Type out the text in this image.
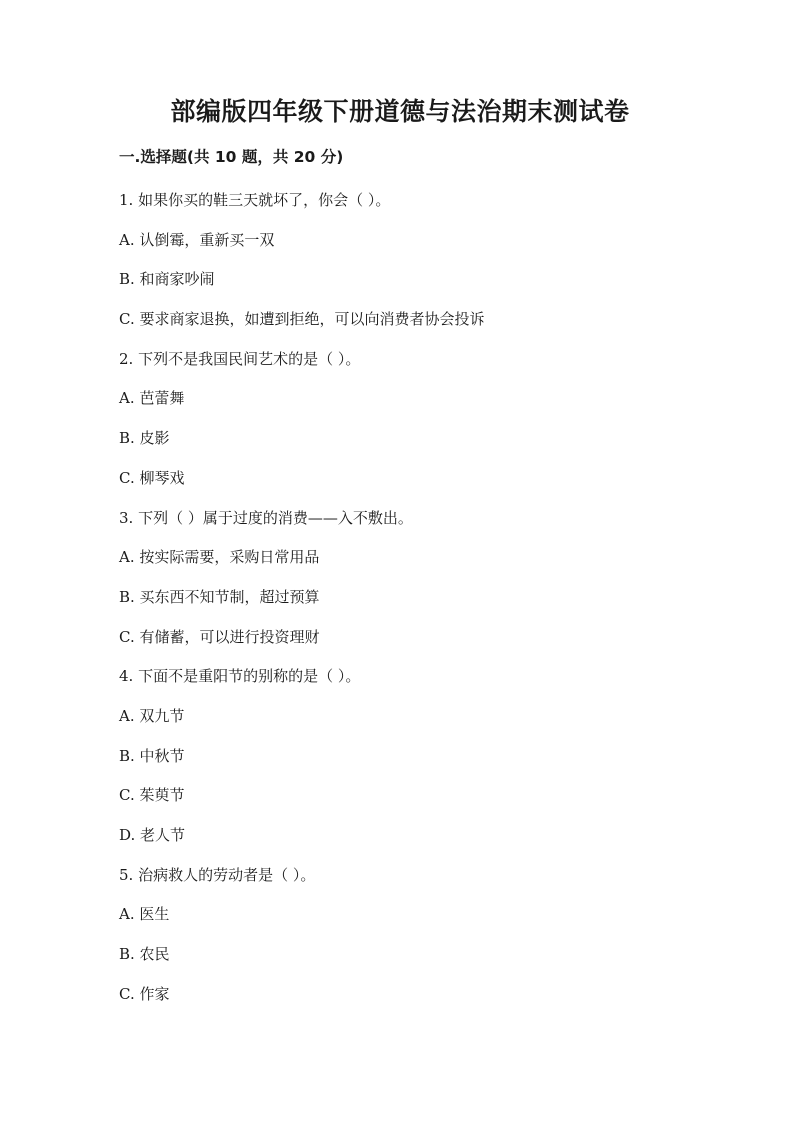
部编版四年级下册道德与法治期末测试卷
一.选择题(共 10 题，共 20 分)
1. 如果你买的鞋三天就坏了，你会（ ）。
A. 认倒霉，重新买一双
B. 和商家吵闹
C. 要求商家退换，如遭到拒绝，可以向消费者协会投诉
2. 下列不是我国民间艺术的是（ ）。
A. 芭蕾舞
B. 皮影
C. 柳琴戏
3. 下列（ ）属于过度的消费——入不敷出。
A. 按实际需要，采购日常用品
B. 买东西不知节制，超过预算
C. 有储蓄，可以进行投资理财
4. 下面不是重阳节的别称的是（ ）。
A. 双九节
B. 中秋节
C. 茱萸节
D. 老人节
5. 治病救人的劳动者是（ ）。
A. 医生
B. 农民
C. 作家
